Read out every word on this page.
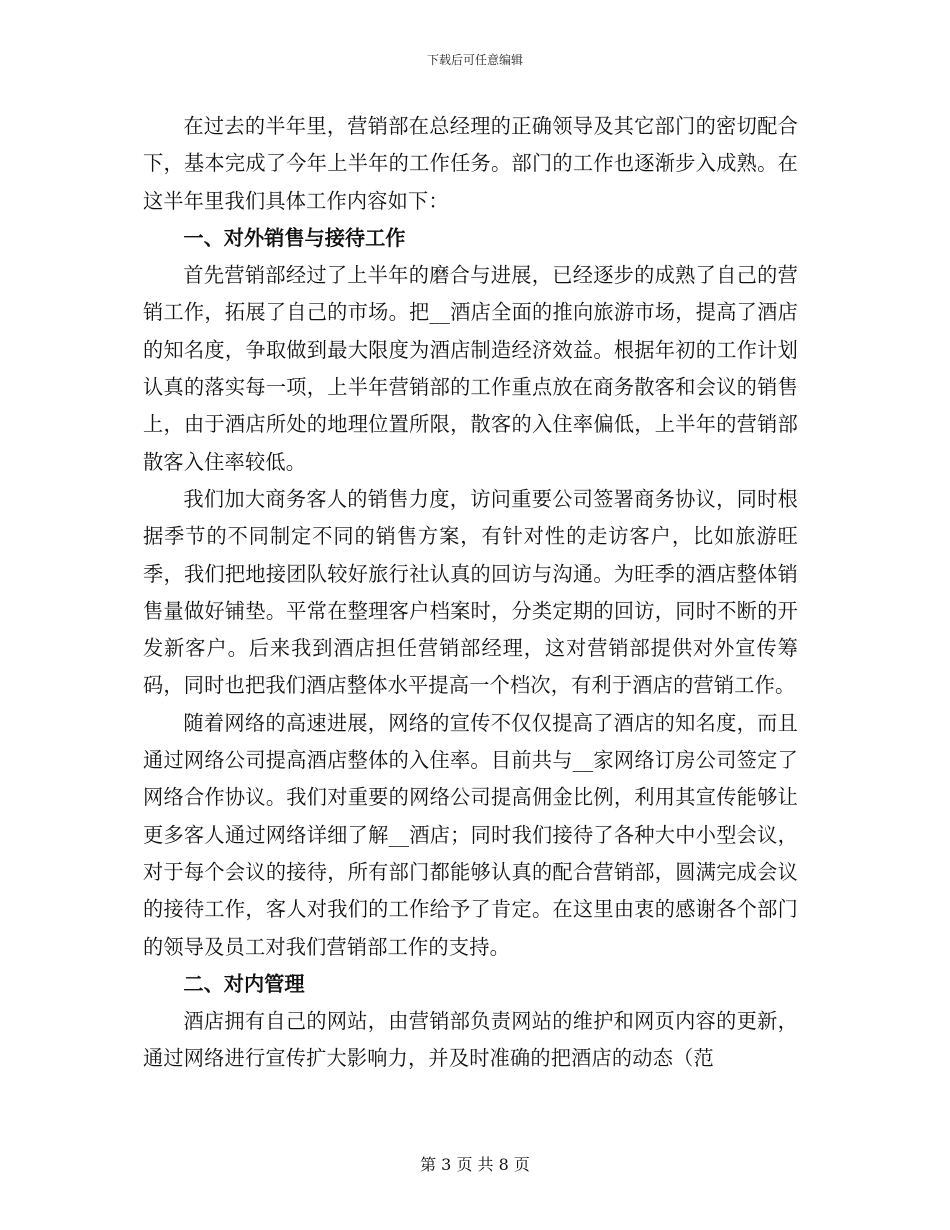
下载后可任意编辑

在过去的半年里，营销部在总经理的正确领导及其它部门的密切配合下，基本完成了今年上半年的工作任务。部门的工作也逐渐步入成熟。在这半年里我们具体工作内容如下：

一、对外销售与接待工作

首先营销部经过了上半年的磨合与进展，已经逐步的成熟了自己的营销工作，拓展了自己的市场。把__酒店全面的推向旅游市场，提高了酒店的知名度，争取做到最大限度为酒店制造经济效益。根据年初的工作计划认真的落实每一项，上半年营销部的工作重点放在商务散客和会议的销售上，由于酒店所处的地理位置所限，散客的入住率偏低，上半年的营销部散客入住率较低。

我们加大商务客人的销售力度，访问重要公司签署商务协议，同时根据季节的不同制定不同的销售方案，有针对性的走访客户，比如旅游旺季，我们把地接团队较好旅行社认真的回访与沟通。为旺季的酒店整体销售量做好铺垫。平常在整理客户档案时，分类定期的回访，同时不断的开发新客户。后来我到酒店担任营销部经理，这对营销部提供对外宣传筹码，同时也把我们酒店整体水平提高一个档次，有利于酒店的营销工作。

随着网络的高速进展，网络的宣传不仅仅提高了酒店的知名度，而且通过网络公司提高酒店整体的入住率。目前共与__家网络订房公司签定了网络合作协议。我们对重要的网络公司提高佣金比例，利用其宣传能够让更多客人通过网络详细了解__酒店；同时我们接待了各种大中小型会议，对于每个会议的接待，所有部门都能够认真的配合营销部，圆满完成会议的接待工作，客人对我们的工作给予了肯定。在这里由衷的感谢各个部门的领导及员工对我们营销部工作的支持。

二、对内管理

酒店拥有自己的网站，由营销部负责网站的维护和网页内容的更新，通过网络进行宣传扩大影响力，并及时准确的把酒店的动态（范

第 3 页 共 8 页
